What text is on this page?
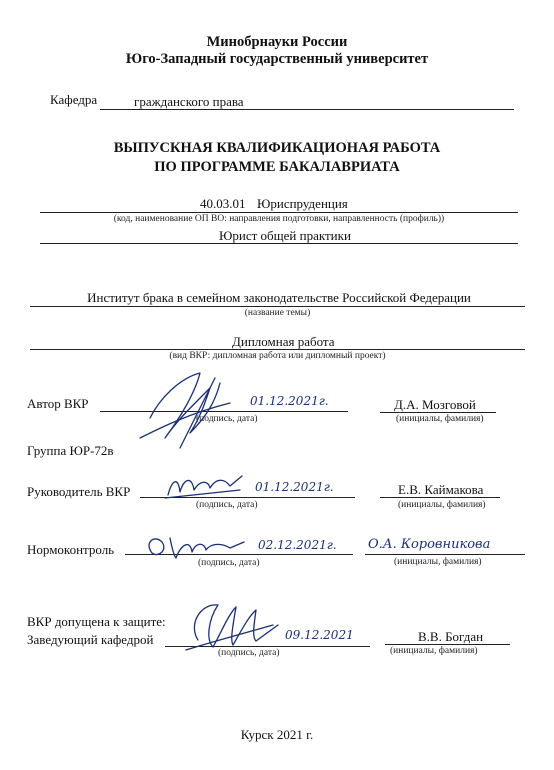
Минобрнауки России
Юго-Западный государственный университет
Кафедра	гражданского права
ВЫПУСКНАЯ КВАЛИФИКАЦИОНАЯ РАБОТА
ПО ПРОГРАММЕ БАКАЛАВРИАТА
40.03.01 Юриспруденция
(код, наименование ОП ВО: направления подготовки, направленность (профиль))
Юрист общей практики
Институт брака в семейном законодательстве Российской Федерации
(название темы)
Дипломная работа
(вид ВКР: дипломная работа или дипломный проект)
Автор ВКР	01.12.2021г.
(подпись, дата)
Д.А. Мозговой
(инициалы, фамилия)
Группа ЮР-72в
Руководитель ВКР	01.12.2021г.
(подпись, дата)
Е.В. Каймакова
(инициалы, фамилия)
Нормоконтроль	02.12.2021г.
(подпись, дата)
О.А. Коровникова
(инициалы, фамилия)
ВКР допущена к защите:
Заведующий кафедрой	09.12.2021
(подпись, дата)
В.В. Богдан
(инициалы, фамилия)
Курск 2021 г.
